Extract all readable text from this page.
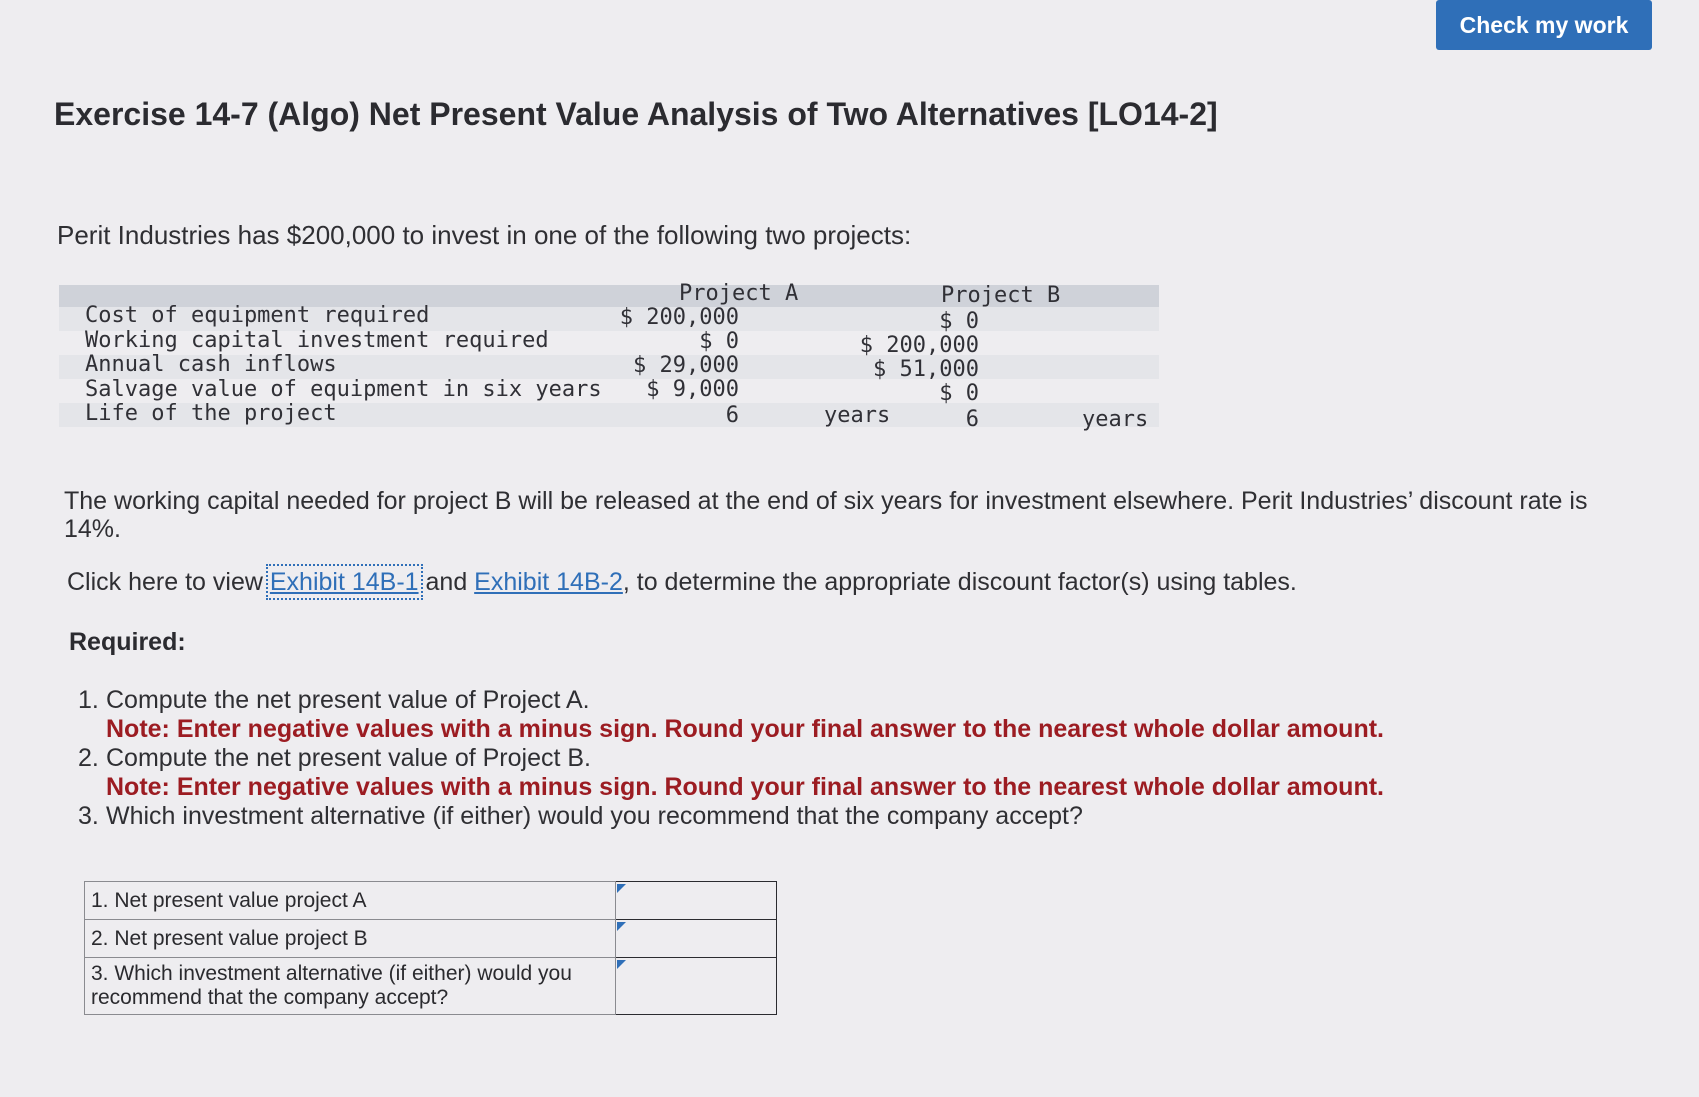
Check my work
Exercise 14-7 (Algo) Net Present Value Analysis of Two Alternatives [LO14-2]

Perit Industries has $200,000 to invest in one of the following two projects:

Project A	Project B
Cost of equipment required	$ 200,000	$ 0
Working capital investment required	$ 0	$ 200,000
Annual cash inflows	$ 29,000	$ 51,000
Salvage value of equipment in six years	$ 9,000	$ 0
Life of the project	6	years	6	years

The working capital needed for project B will be released at the end of six years for investment elsewhere. Perit Industries’ discount rate is 14%.

Click here to view Exhibit 14B-1 and Exhibit 14B-2, to determine the appropriate discount factor(s) using tables.

Required:

1. Compute the net present value of Project A.
Note: Enter negative values with a minus sign. Round your final answer to the nearest whole dollar amount.
2. Compute the net present value of Project B.
Note: Enter negative values with a minus sign. Round your final answer to the nearest whole dollar amount.
3. Which investment alternative (if either) would you recommend that the company accept?
1. Net present value project A	

2. Net present value project B	

3. Which investment alternative (if either) would you recommend that the company accept?	
